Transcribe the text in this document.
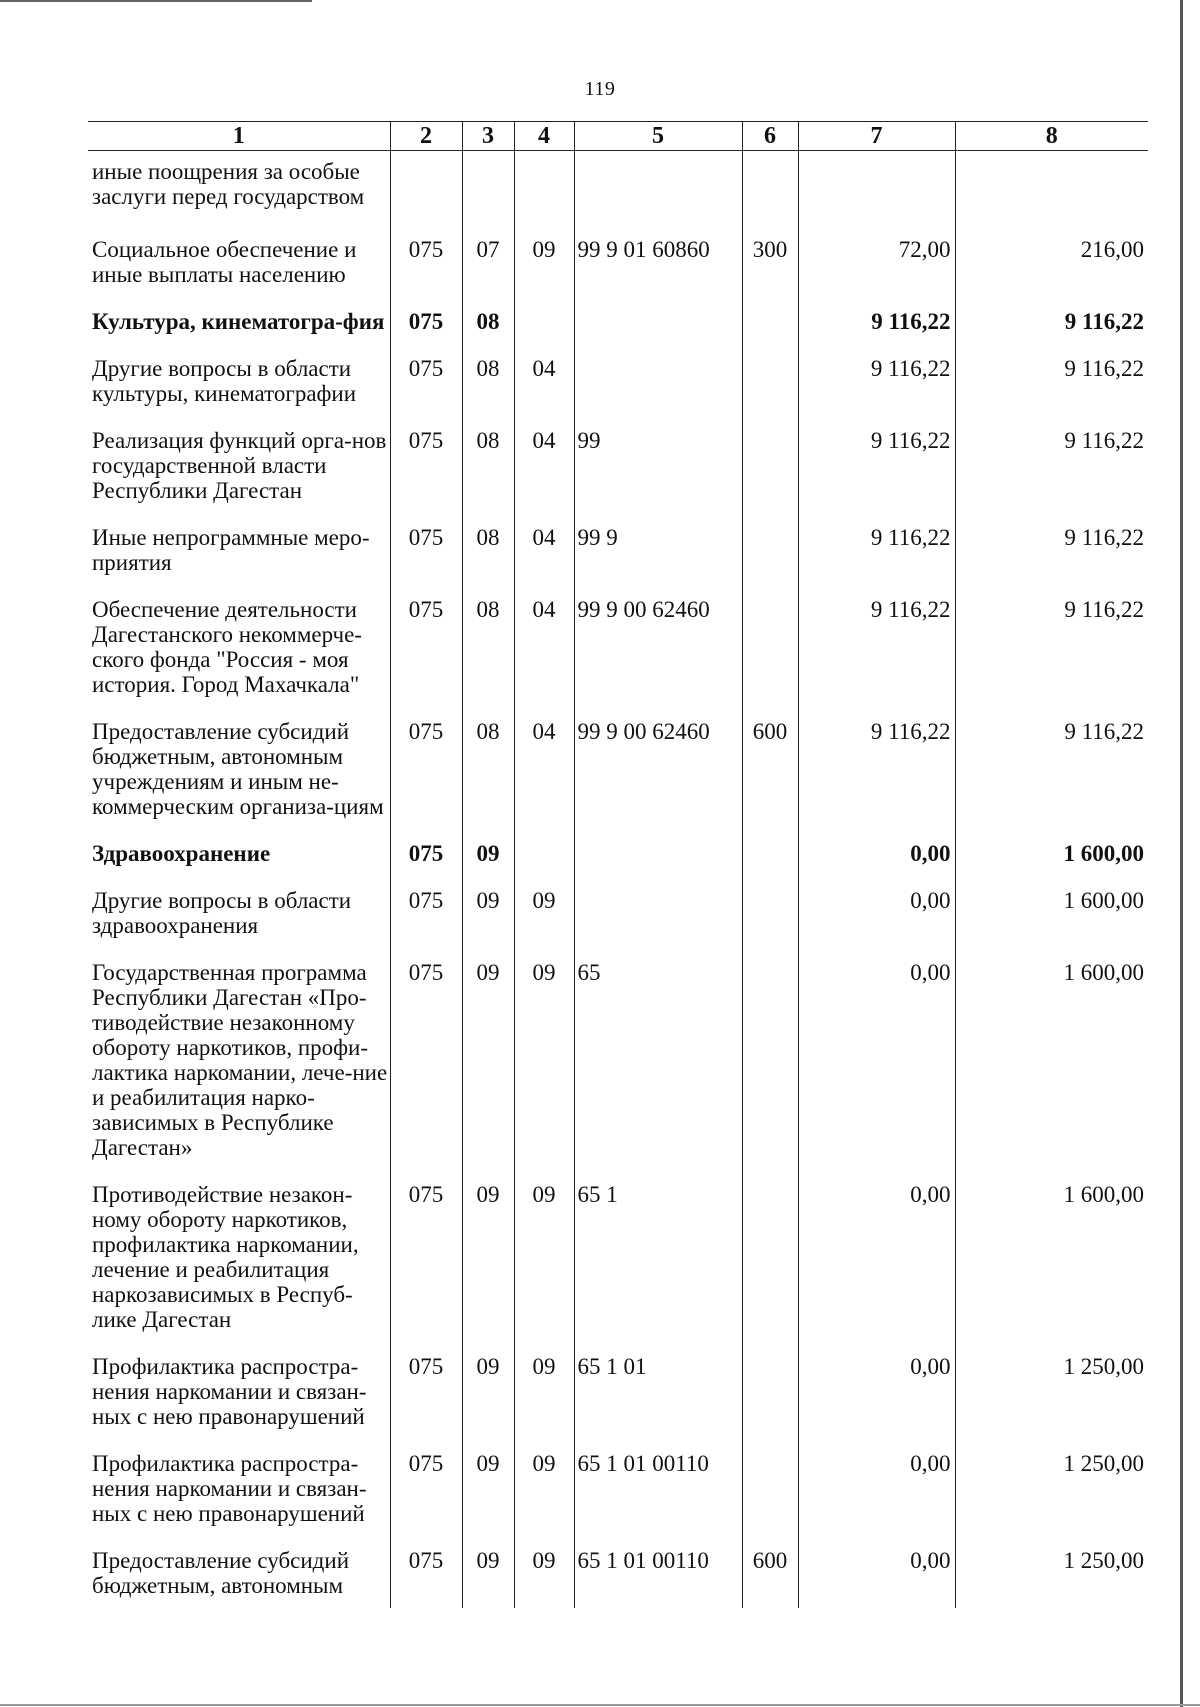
119
1	2	3	4	5	6	7	8
иные поощрения за особые заслуги перед государством							
Социальное обеспечение и иные выплаты населению	075	07	09	99 9 01 60860	300	72,00	216,00
Культура, кинематогра-фия	075	08				9 116,22	9 116,22
Другие вопросы в области культуры, кинематографии	075	08	04			9 116,22	9 116,22
Реализация функций орга-нов государственной власти Республики Дагестан	075	08	04	99		9 116,22	9 116,22
Иные непрограммные меро-приятия	075	08	04	99 9		9 116,22	9 116,22
Обеспечение деятельности Дагестанского некоммерче-ского фонда "Россия - моя история. Город Махачкала"	075	08	04	99 9 00 62460		9 116,22	9 116,22
Предоставление субсидий бюджетным, автономным учреждениям и иным не-коммерческим организа-циям	075	08	04	99 9 00 62460	600	9 116,22	9 116,22
Здравоохранение	075	09				0,00	1 600,00
Другие вопросы в области здравоохранения	075	09	09			0,00	1 600,00
Государственная программа Республики Дагестан «Про-тиводействие незаконному обороту наркотиков, профи-лактика наркомании, лече-ние и реабилитация нарко-зависимых в Республике Дагестан»	075	09	09	65		0,00	1 600,00
Противодействие незакон-ному обороту наркотиков, профилактика наркомании, лечение и реабилитация наркозависимых в Респуб-лике Дагестан	075	09	09	65 1		0,00	1 600,00
Профилактика распростра-нения наркомании и связан-ных с нею правонарушений	075	09	09	65 1 01		0,00	1 250,00
Профилактика распростра-нения наркомании и связан-ных с нею правонарушений	075	09	09	65 1 01 00110		0,00	1 250,00
Предоставление субсидий бюджетным, автономным	075	09	09	65 1 01 00110	600	0,00	1 250,00
